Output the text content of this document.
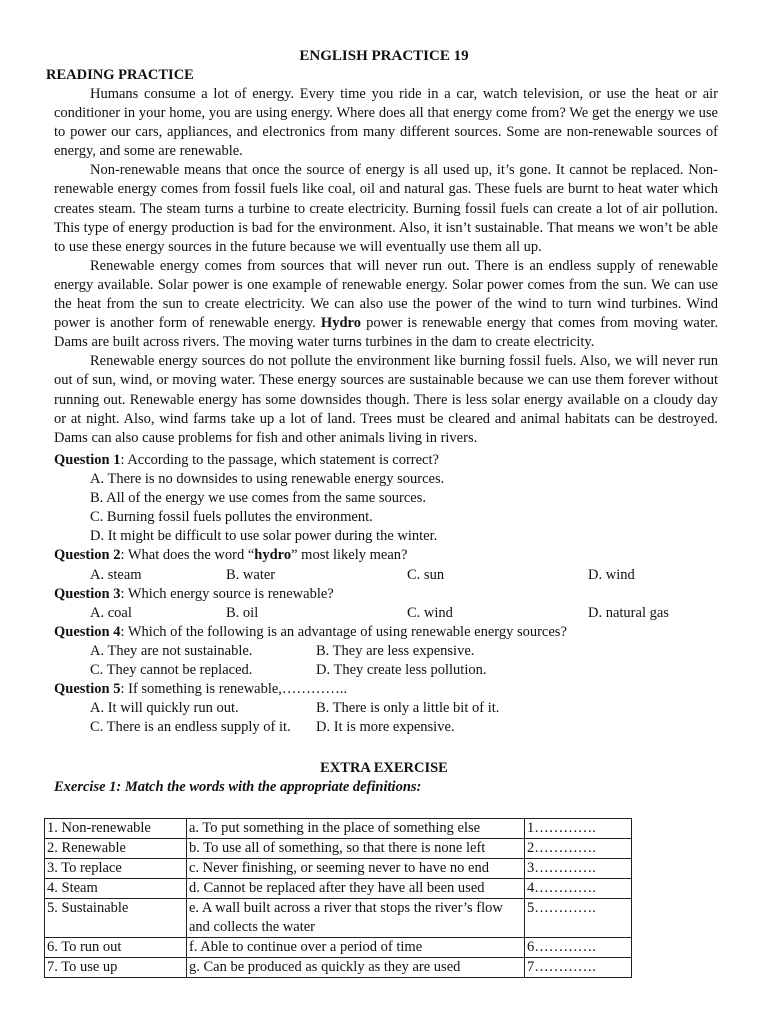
ENGLISH PRACTICE 19
READING PRACTICE

Humans consume a lot of energy. Every time you ride in a car, watch television, or use the heat or air conditioner in your home, you are using energy. Where does all that energy come from? We get the energy we use to power our cars, appliances, and electronics from many different sources. Some are non-renewable sources of energy, and some are renewable.

Non-renewable means that once the source of energy is all used up, it’s gone. It cannot be replaced. Non-renewable energy comes from fossil fuels like coal, oil and natural gas. These fuels are burnt to heat water which creates steam. The steam turns a turbine to create electricity. Burning fossil fuels can create a lot of air pollution. This type of energy production is bad for the environment. Also, it isn’t sustainable. That means we won’t be able to use these energy sources in the future because we will eventually use them all up.

Renewable energy comes from sources that will never run out. There is an endless supply of renewable energy available. Solar power is one example of renewable energy. Solar power comes from the sun. We can use the heat from the sun to create electricity. We can also use the power of the wind to turn wind turbines. Wind power is another form of renewable energy. Hydro power is renewable energy that comes from moving water. Dams are built across rivers. The moving water turns turbines in the dam to create electricity.

Renewable energy sources do not pollute the environment like burning fossil fuels. Also, we will never run out of sun, wind, or moving water. These energy sources are sustainable because we can use them forever without running out. Renewable energy has some downsides though. There is less solar energy available on a cloudy day or at night. Also, wind farms take up a lot of land. Trees must be cleared and animal habitats can be destroyed. Dams can also cause problems for fish and other animals living in rivers.

Question 1: According to the passage, which statement is correct?

A. There is no downsides to using renewable energy sources.
B. All of the energy we use comes from the same sources.
C. Burning fossil fuels pollutes the environment.
D. It might be difficult to use solar power during the winter.

Question 2: What does the word “hydro” most likely mean?

A. steam	B. water	C. sun	D. wind

Question 3: Which energy source is renewable?

A. coal	B. oil	C. wind	D. natural gas

Question 4: Which of the following is an advantage of using renewable energy sources?

A. They are not sustainable.	B. They are less expensive.
C. They cannot be replaced.	D. They create less pollution.

Question 5: If something is renewable,…………..

A. It will quickly run out.	B. There is only a little bit of it.
C. There is an endless supply of it.	D. It is more expensive.
EXTRA EXERCISE
Exercise 1: Match the words with the appropriate definitions:
1. Non-renewable	a. To put something in the place of something else	1………….
2. Renewable	b. To use all of something, so that there is none left	2………….
3. To replace	c. Never finishing, or seeming never to have no end	3………….
4. Steam	d. Cannot be replaced after they have all been used	4………….
5. Sustainable	e. A wall built across a river that stops the river’s flow and collects the water	5………….
6. To run out	f. Able to continue over a period of time	6………….
7. To use up	g. Can be produced as quickly as they are used	7………….
